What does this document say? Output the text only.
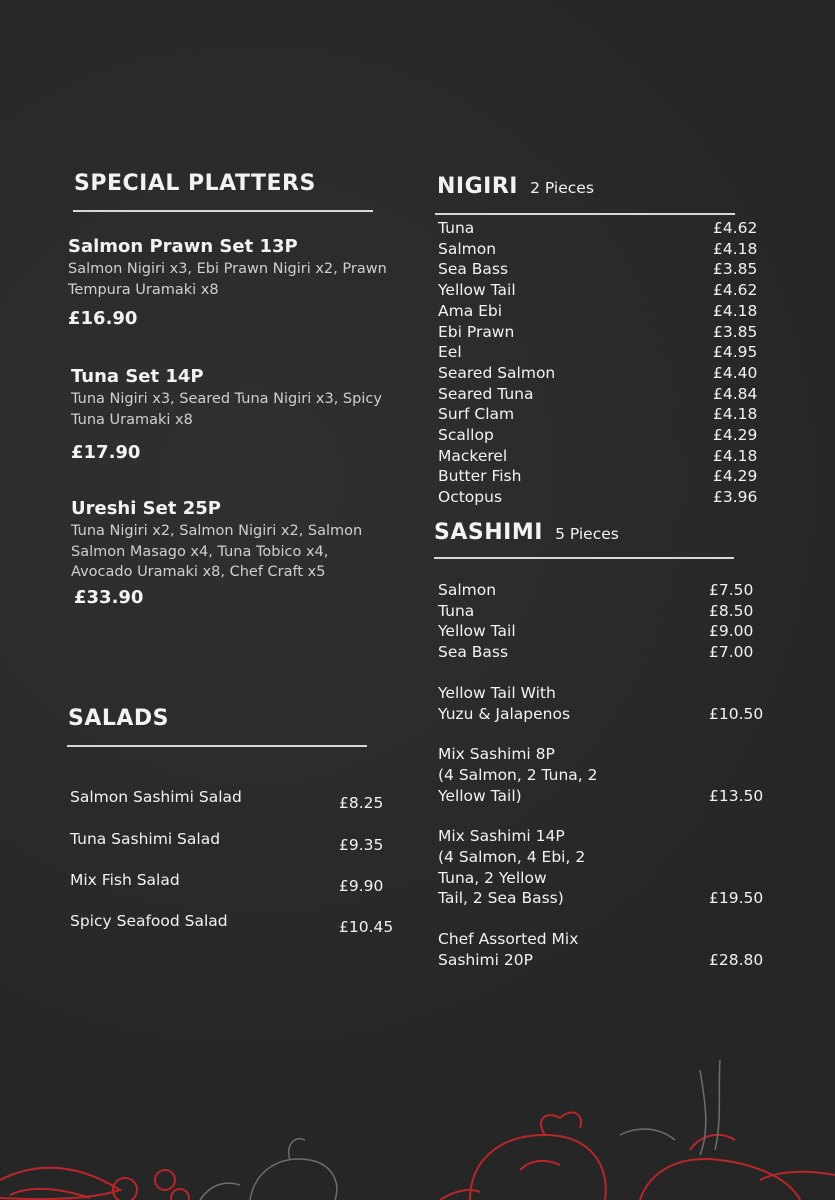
SPECIAL PLATTERS
Salmon Prawn Set 13P
Salmon Nigiri x3, Ebi Prawn Nigiri x2, Prawn Tempura Uramaki x8
£16.90
Tuna Set 14P
Tuna Nigiri x3, Seared Tuna Nigiri x3, Spicy Tuna Uramaki x8
£17.90
Ureshi Set 25P
Tuna Nigiri x2, Salmon Nigiri x2, Salmon Salmon Masago x4, Tuna Tobico x4, Avocado Uramaki x8, Chef Craft x5
£33.90
SALADS
Salmon Sashimi Salad	£8.25
Tuna Sashimi Salad	£9.35
Mix Fish Salad	£9.90
Spicy Seafood Salad	£10.45
NIGIRI 2 Pieces
Tuna	£4.62
Salmon	£4.18
Sea Bass	£3.85
Yellow Tail	£4.62
Ama Ebi	£4.18
Ebi Prawn	£3.85
Eel	£4.95
Seared Salmon	£4.40
Seared Tuna	£4.84
Surf Clam	£4.18
Scallop	£4.29
Mackerel	£4.18
Butter Fish	£4.29
Octopus	£3.96
SASHIMI 5 Pieces
Salmon	£7.50
Tuna	£8.50
Yellow Tail	£9.00
Sea Bass	£7.00
Yellow Tail With
Yuzu & Jalapenos	£10.50
Mix Sashimi 8P
(4 Salmon, 2 Tuna, 2
Yellow Tail)	£13.50
Mix Sashimi 14P
(4 Salmon, 4 Ebi, 2
Tuna, 2 Yellow
Tail, 2 Sea Bass)	£19.50
Chef Assorted Mix
Sashimi 20P	£28.80
